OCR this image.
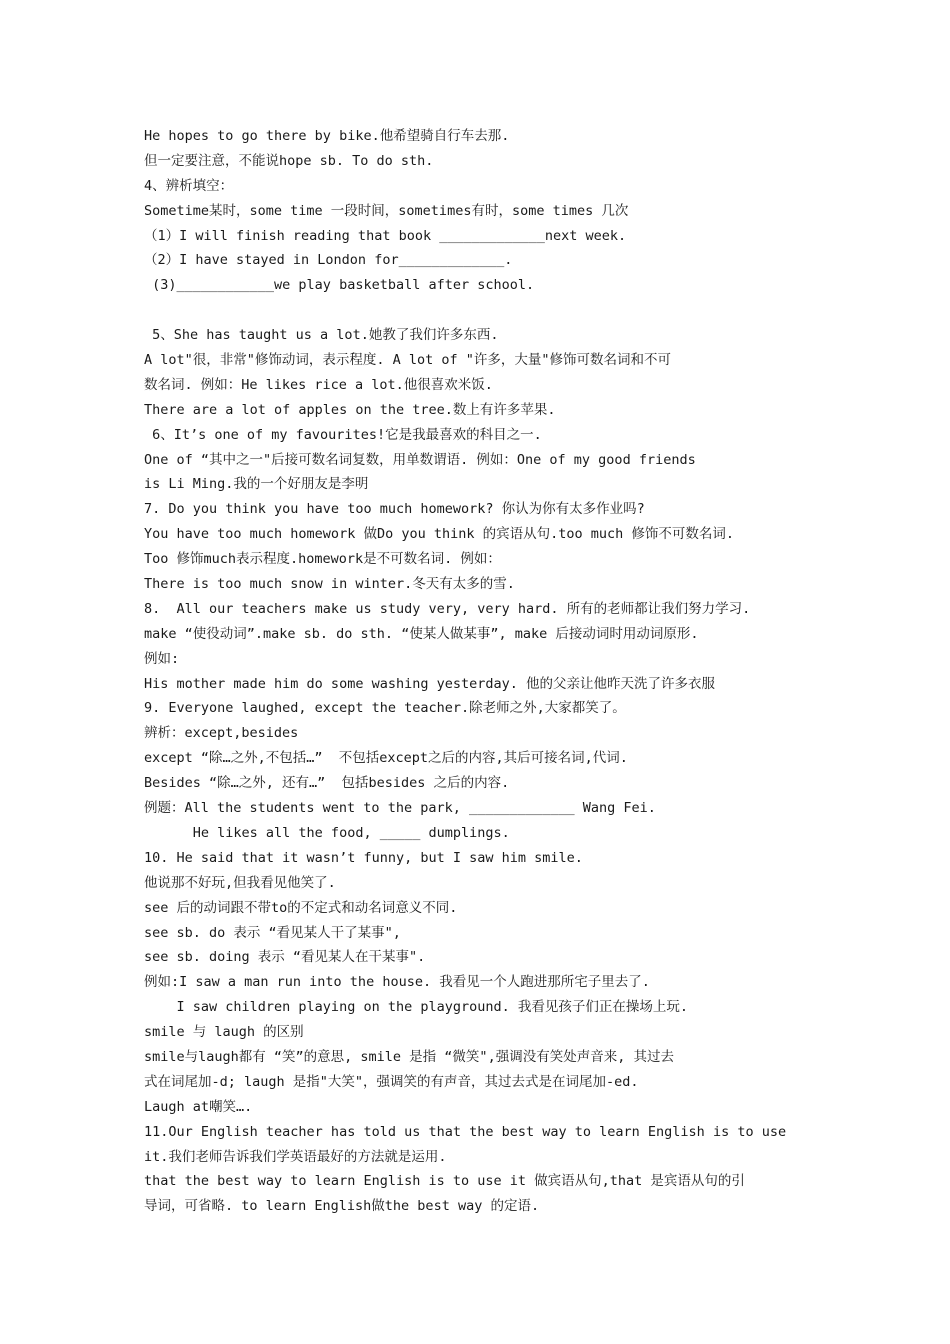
He hopes to go there by bike.他希望骑自行车去那.
但一定要注意，不能说hope sb. To do sth.
4、辨析填空：
Sometime某时，some time 一段时间，sometimes有时，some times 几次
（1）I will finish reading that book _____________next week.
（2）I have stayed in London for_____________.
(3)____________we play basketball after school.
5、She has taught us a lot.她教了我们许多东西.
A lot"很，非常"修饰动词，表示程度. A lot of "许多，大量"修饰可数名词和不可
数名词. 例如：He likes rice a lot.他很喜欢米饭.
There are a lot of apples on the tree.数上有许多苹果.
6、It’s one of my favourites!它是我最喜欢的科目之一.
One of “其中之一"后接可数名词复数，用单数谓语. 例如：One of my good friends
is Li Ming.我的一个好朋友是李明
7. Do you think you have too much homework? 你认为你有太多作业吗?
You have too much homework 做Do you think 的宾语从句.too much 修饰不可数名词.
Too 修饰much表示程度.homework是不可数名词. 例如：
There is too much snow in winter.冬天有太多的雪.
8.  All our teachers make us study very, very hard. 所有的老师都让我们努力学习.
make “使役动词”.make sb. do sth. “使某人做某事”, make 后接动词时用动词原形.
例如:
His mother made him do some washing yesterday. 他的父亲让他昨天洗了许多衣服
9. Everyone laughed, except the teacher.除老师之外,大家都笑了。
辨析：except,besides
except “除…之外,不包括…”  不包括except之后的内容,其后可接名词,代词.
Besides “除…之外, 还有…”  包括besides 之后的内容.
例题：All the students went to the park, _____________ Wang Fei.
He likes all the food, _____ dumplings.
10. He said that it wasn’t funny, but I saw him smile.
他说那不好玩,但我看见他笑了.
see 后的动词跟不带to的不定式和动名词意义不同.
see sb. do 表示 “看见某人干了某事",
see sb. doing 表示 “看见某人在干某事".
例如:I saw a man run into the house. 我看见一个人跑进那所宅子里去了.
I saw children playing on the playground. 我看见孩子们正在操场上玩.
smile 与 laugh 的区别
smile与laugh都有 “笑”的意思, smile 是指 “微笑",强调没有笑处声音来, 其过去
式在词尾加-d; laugh 是指"大笑"，强调笑的有声音，其过去式是在词尾加-ed.
Laugh at嘲笑….
11.Our English teacher has told us that the best way to learn English is to use
it.我们老师告诉我们学英语最好的方法就是运用.
that the best way to learn English is to use it 做宾语从句,that 是宾语从句的引
导词，可省略. to learn English做the best way 的定语.
